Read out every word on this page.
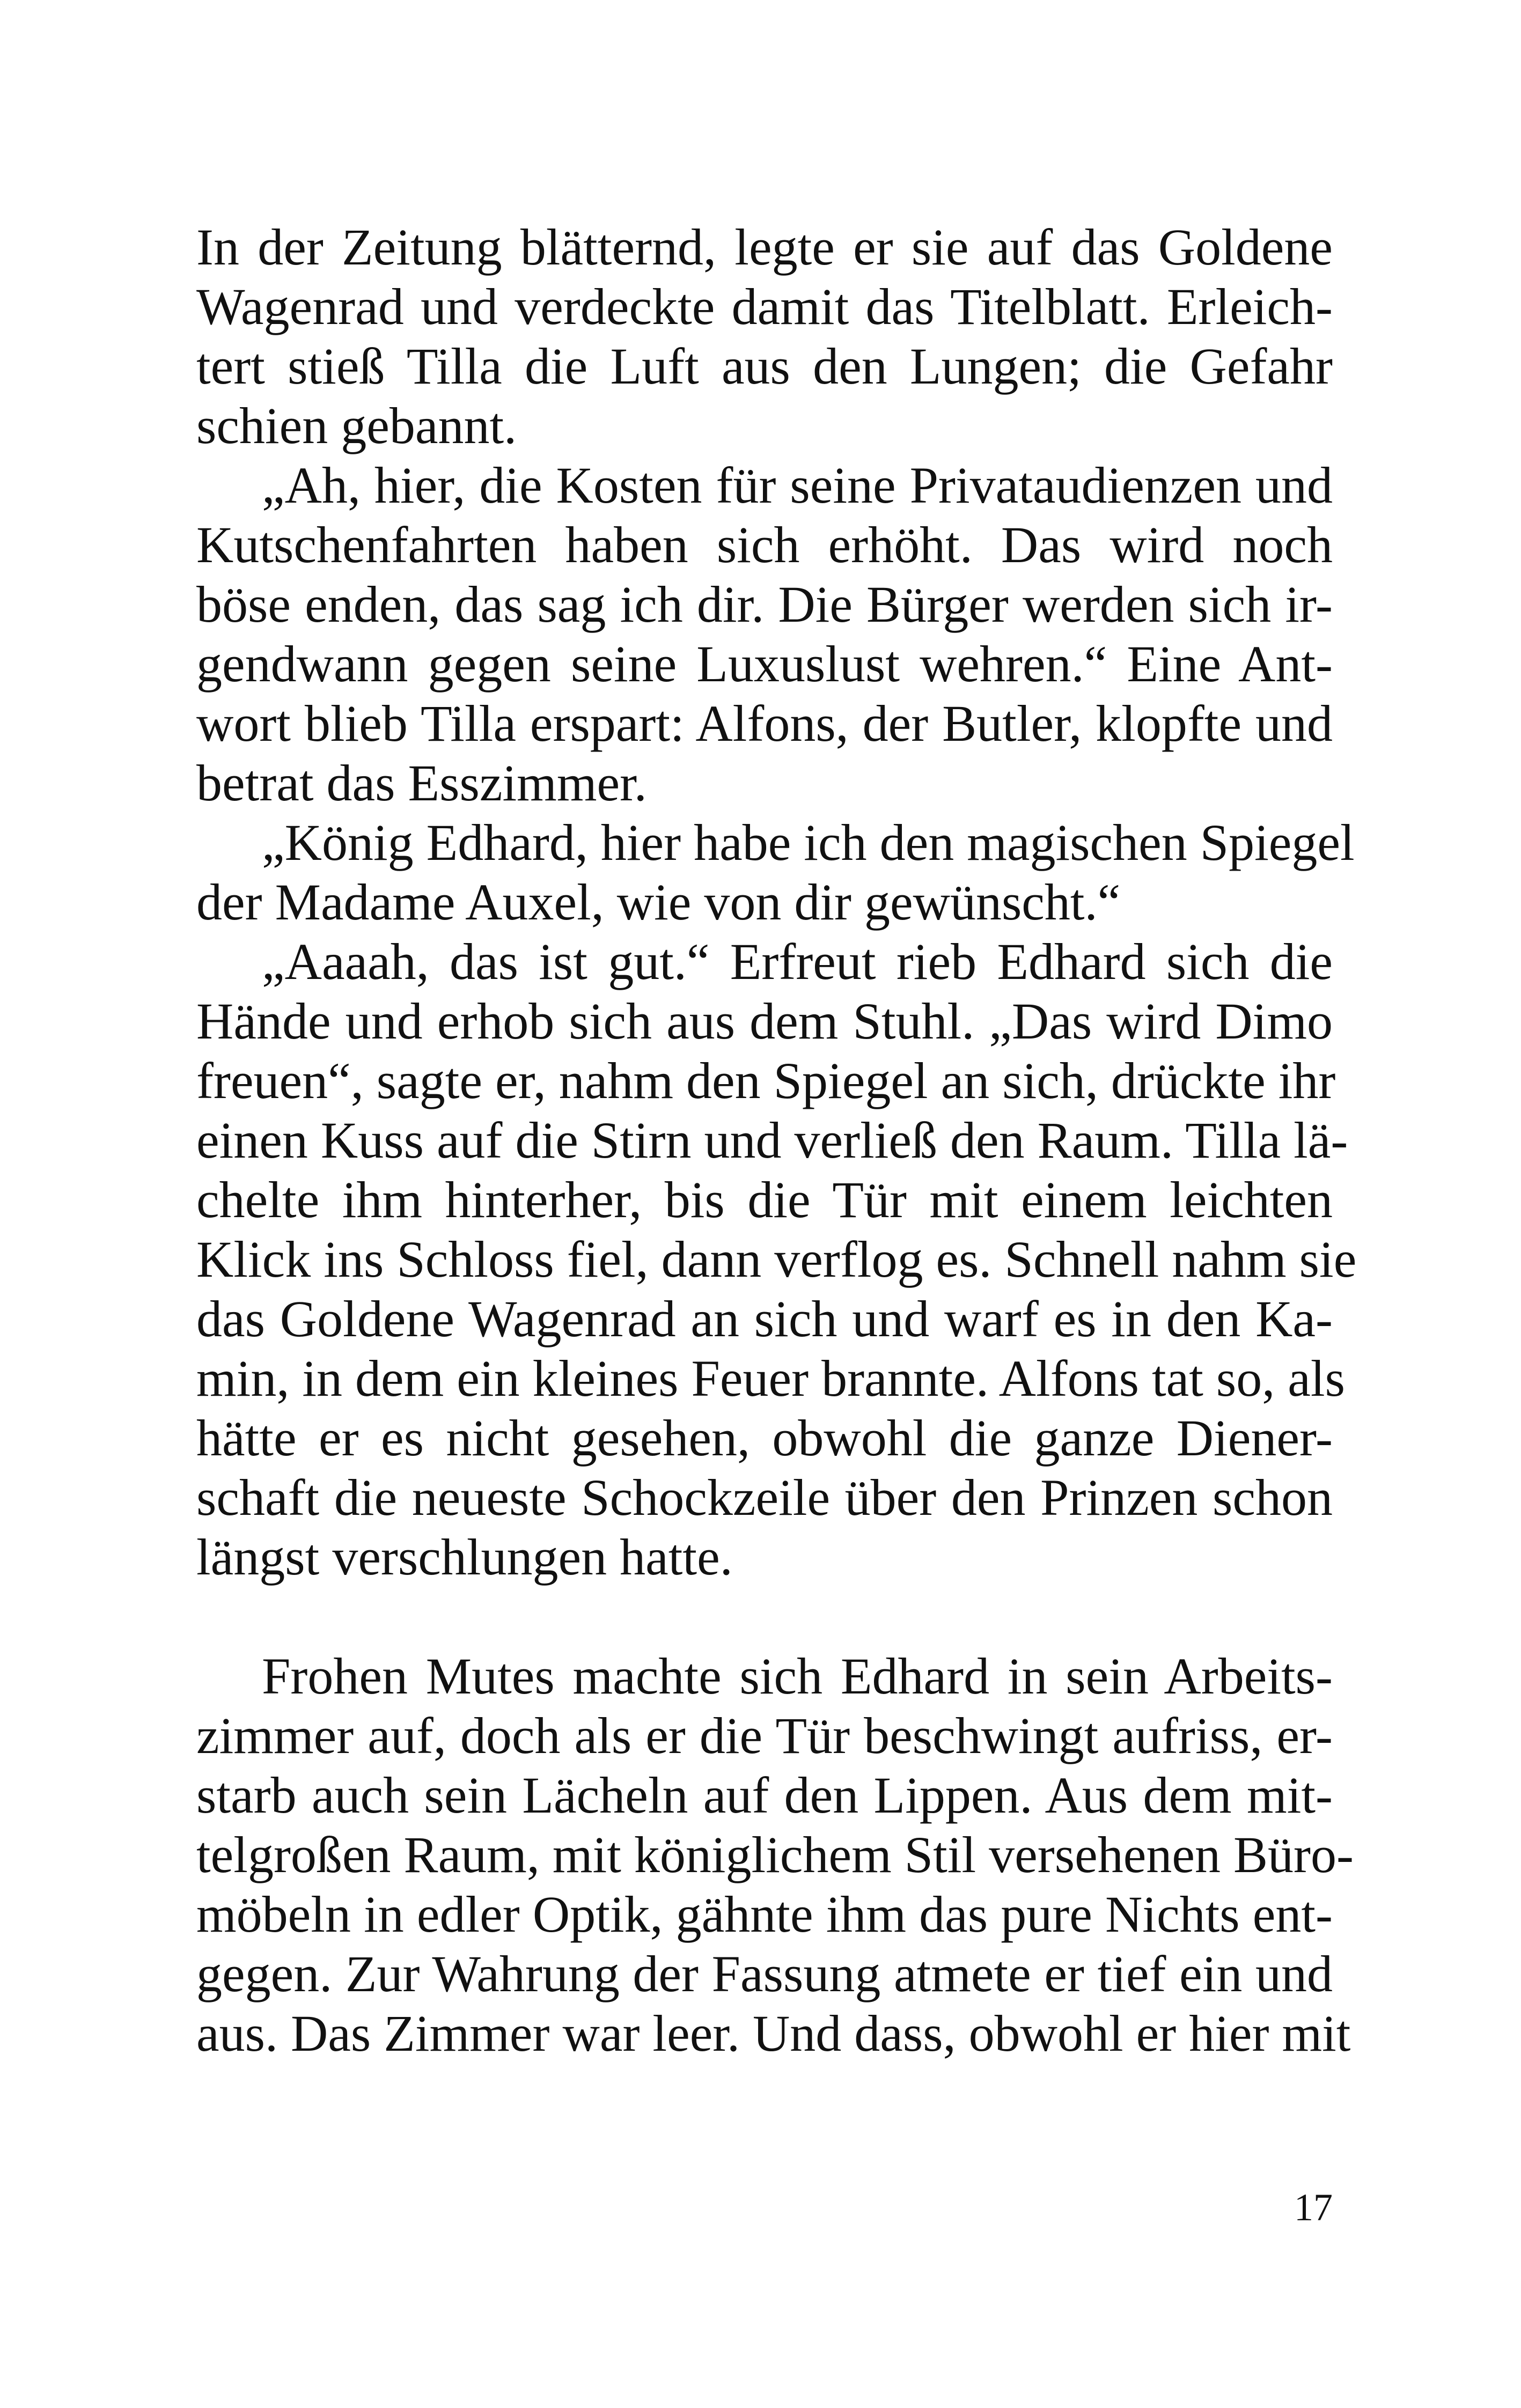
In der Zeitung blätternd, legte er sie auf das Goldene
Wagenrad und verdeckte damit das Titelblatt. Erleich-
tert stieß Tilla die Luft aus den Lungen; die Gefahr
schien gebannt.
„Ah, hier, die Kosten für seine Privataudienzen und
Kutschenfahrten haben sich erhöht. Das wird noch
böse enden, das sag ich dir. Die Bürger werden sich ir-
gendwann gegen seine Luxuslust wehren.“ Eine Ant-
wort blieb Tilla erspart: Alfons, der Butler, klopfte und
betrat das Esszimmer.
„König Edhard, hier habe ich den magischen Spiegel
der Madame Auxel, wie von dir gewünscht.“
„Aaaah, das ist gut.“ Erfreut rieb Edhard sich die
Hände und erhob sich aus dem Stuhl. „Das wird Dimo
freuen“, sagte er, nahm den Spiegel an sich, drückte ihr
einen Kuss auf die Stirn und verließ den Raum. Tilla lä-
chelte ihm hinterher, bis die Tür mit einem leichten
Klick ins Schloss fiel, dann verflog es. Schnell nahm sie
das Goldene Wagenrad an sich und warf es in den Ka-
min, in dem ein kleines Feuer brannte. Alfons tat so, als
hätte er es nicht gesehen, obwohl die ganze Diener-
schaft die neueste Schockzeile über den Prinzen schon
längst verschlungen hatte.
Frohen Mutes machte sich Edhard in sein Arbeits-
zimmer auf, doch als er die Tür beschwingt aufriss, er-
starb auch sein Lächeln auf den Lippen. Aus dem mit-
telgroßen Raum, mit königlichem Stil versehenen Büro-
möbeln in edler Optik, gähnte ihm das pure Nichts ent-
gegen. Zur Wahrung der Fassung atmete er tief ein und
aus. Das Zimmer war leer. Und dass, obwohl er hier mit
17
